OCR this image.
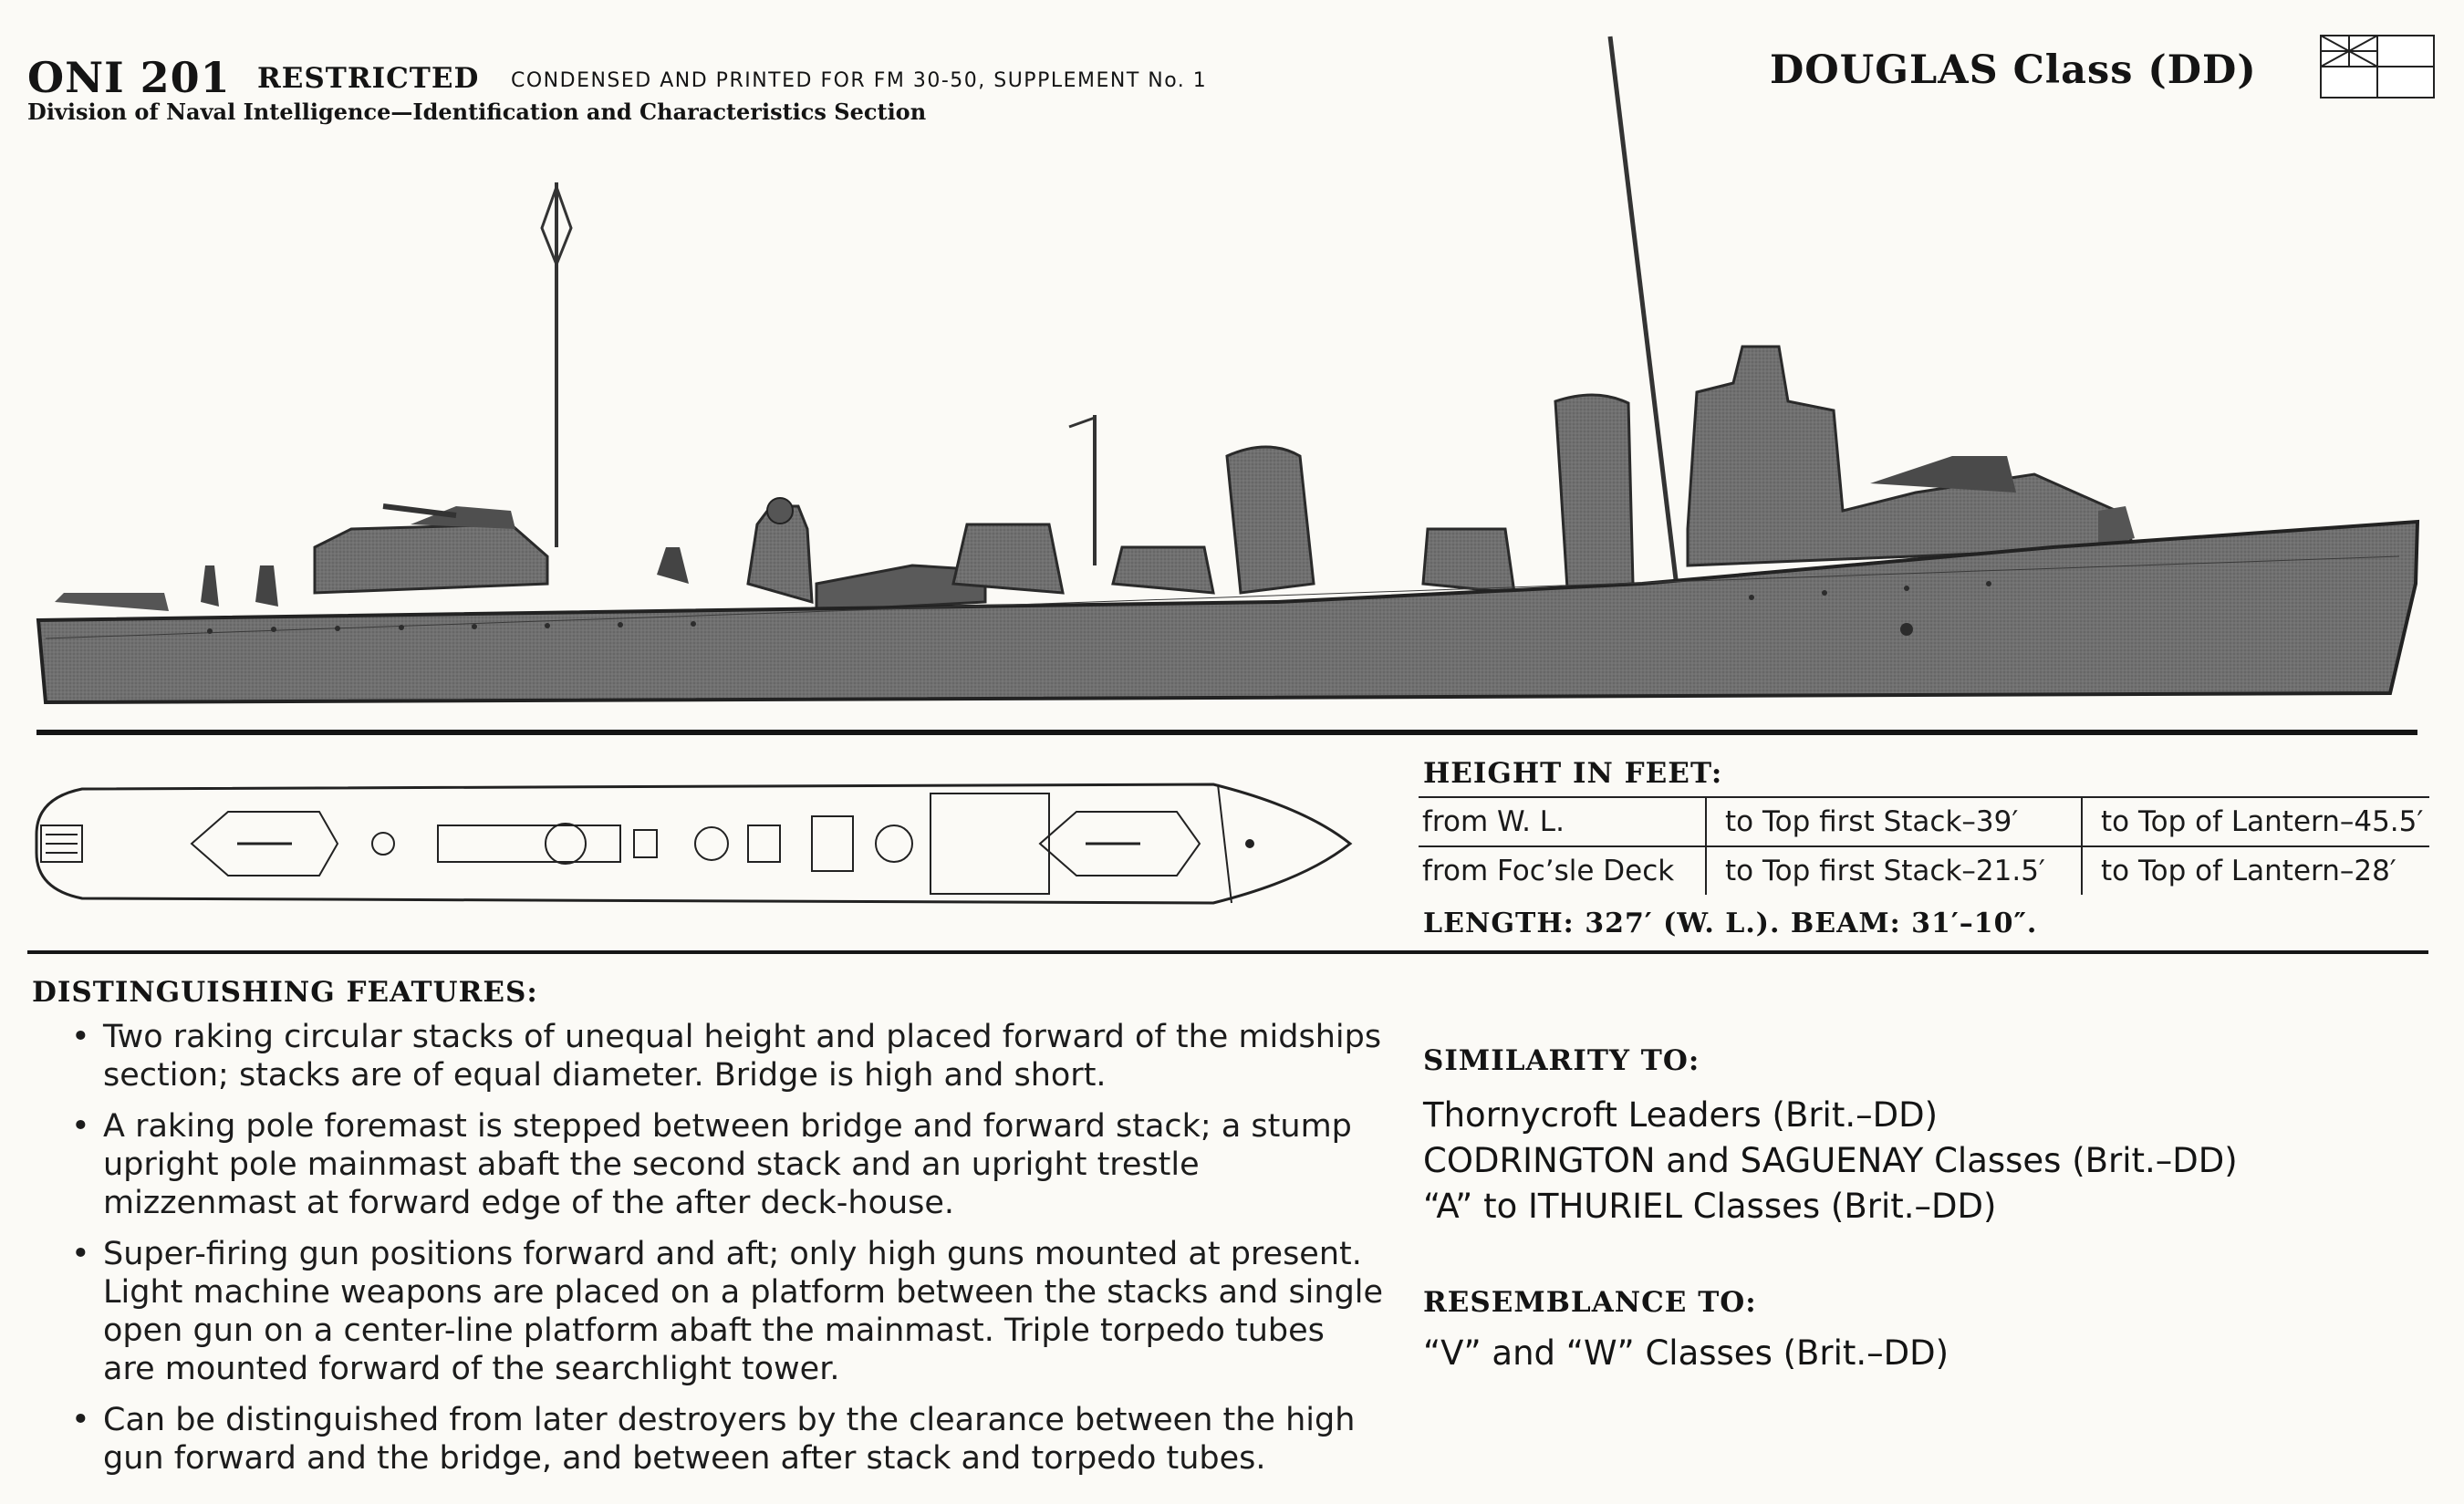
ONI 201 RESTRICTED CONDENSED AND PRINTED FOR FM 30-50, SUPPLEMENT No. 1
Division of Naval Intelligence—Identification and Characteristics Section
DOUGLAS Class (DD)
HEIGHT IN FEET:
from W. L.	to Top first Stack–39′	to Top of Lantern–45.5′
from Foc’sle Deck	to Top first Stack–21.5′	to Top of Lantern–28′
LENGTH: 327′ (W. L.). BEAM: 31′–10″.
DISTINGUISHING FEATURES:
• Two raking circular stacks of unequal height and placed forward of the midships section; stacks are of equal diameter. Bridge is high and short.
• A raking pole foremast is stepped between bridge and forward stack; a stump upright pole mainmast abaft the second stack and an upright trestle mizzenmast at forward edge of the after deck-house.
• Super-firing gun positions forward and aft; only high guns mounted at present. Light machine weapons are placed on a platform between the stacks and single open gun on a center-line platform abaft the mainmast. Triple torpedo tubes are mounted forward of the searchlight tower.
• Can be distinguished from later destroyers by the clearance between the high gun forward and the bridge, and between after stack and torpedo tubes.
SIMILARITY TO:
Thornycroft Leaders (Brit.–DD)
CODRINGTON and SAGUENAY Classes (Brit.–DD)
“A” to ITHURIEL Classes (Brit.–DD)
RESEMBLANCE TO:
“V” and “W” Classes (Brit.–DD)
